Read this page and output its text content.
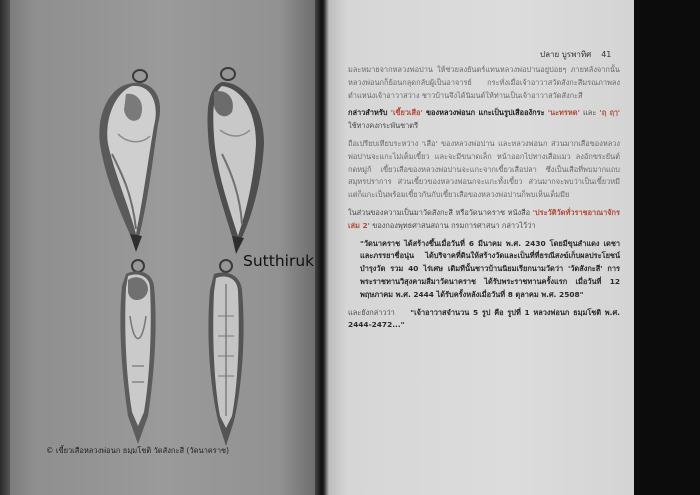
© เขี้ยวเสือหลวงพ่อนก ธมฺมโชติ วัดสังกะสี (วัดนาคราช)
ปลาย บูรพาทิศ 41

มละหมายจากหลวงพ่อปาน ให้ช่วยลงยันตร์แทนหลวงพ่อปานอยู่บ่อยๆ ภายหลังจากนั้นหลวงพ่อนกก็ย้อนกลุดกลับผู้เป็นอาจารย์ กระทั่งเมื่อเจ้าอาวาสวัดสังกะสีมรณภาพลง ตำแหน่งเจ้าอาวาสว่าง ชาวบ้านจึงได้นิมนต์ให้ท่านเป็นเจ้าอาวาสวัดสังกะสี

กล่าวสำหรับ 'เขี้ยวเสือ' ของหลวงพ่อนก แกะเป็นรูปเสือองักระ 'นะทรหด' และ 'ฤ ฤๅ' ใช้ทางคงกระพันชาตรี

ถือเปรียบเทียบระหว่าง 'เสือ' ของหลวงพ่อปาน และหลวงพ่อนก ส่วนมากเสือของหลวงพ่อปานจะแกะไม่เต็มเขี้ยว และจะมีขนาดเล็ก หน้าออกไปทางเสือแมว ลงอักขระยันต์กดหมู่ก้ เขี้ยวเสือของหลวงพ่อปานจะแกะจากเขี้ยวเสือปลา ซึ่งเป็นเสือที่พบมากแถบสมุทรปราการ ส่วนเขี้ยวของหลวงพ่อนกจะแกะทั้งเขี้ยว ส่วนมากจะพบว่าเป็นเขี้ยวหมี แต่ก็แกะเป็นพร้อมเขี้ยวกันกับเขี้ยวเสือของหลวงพ่อปานก็พบเห็นเต็มมีย

ในส่วนของความเป็นมาวัดสังกะสี หรือวัดนาคราช หนังสือ 'ประวัติวัดทั่วราชอาณาจักร เล่ม 2' ของกองพุทธศาสนสถาน กรมการศาสนา กล่าวไว้ว่า

"วัดนาคราช ได้สร้างขึ้นเมื่อวันที่ 6 มีนาคม พ.ศ. 2430 โดยมีขุนสำแดง เดชา และภรรยาชื่อนุ่น ได้บริจาคที่ดินให้สร้างวัดและเป็นที่ที่ธรณีสงฆ์เก็บผลประโยชน์บำรุงวัด รวม 40 ไร่เศษ เดิมทีนั้นชาวบ้านนิยมเรียกนามวัดว่า 'วัดสังกะสี' การพระราชทานวิสุงคามสีมาวัดนาคราช ได้รับพระราชทานครั้งแรก เมื่อวันที่ 12 พฤษภาคม พ.ศ. 2444 ได้รับครั้งหลังเมื่อวันที่ 8 ตุลาคม พ.ศ. 2508"

และยังกล่าวว่า "เจ้าอาวาสจำนวน 5 รูป คือ รูปที่ 1 หลวงพ่อนก ธมฺมโชติ พ.ศ. 2444-2472..."

Sutthiruk
